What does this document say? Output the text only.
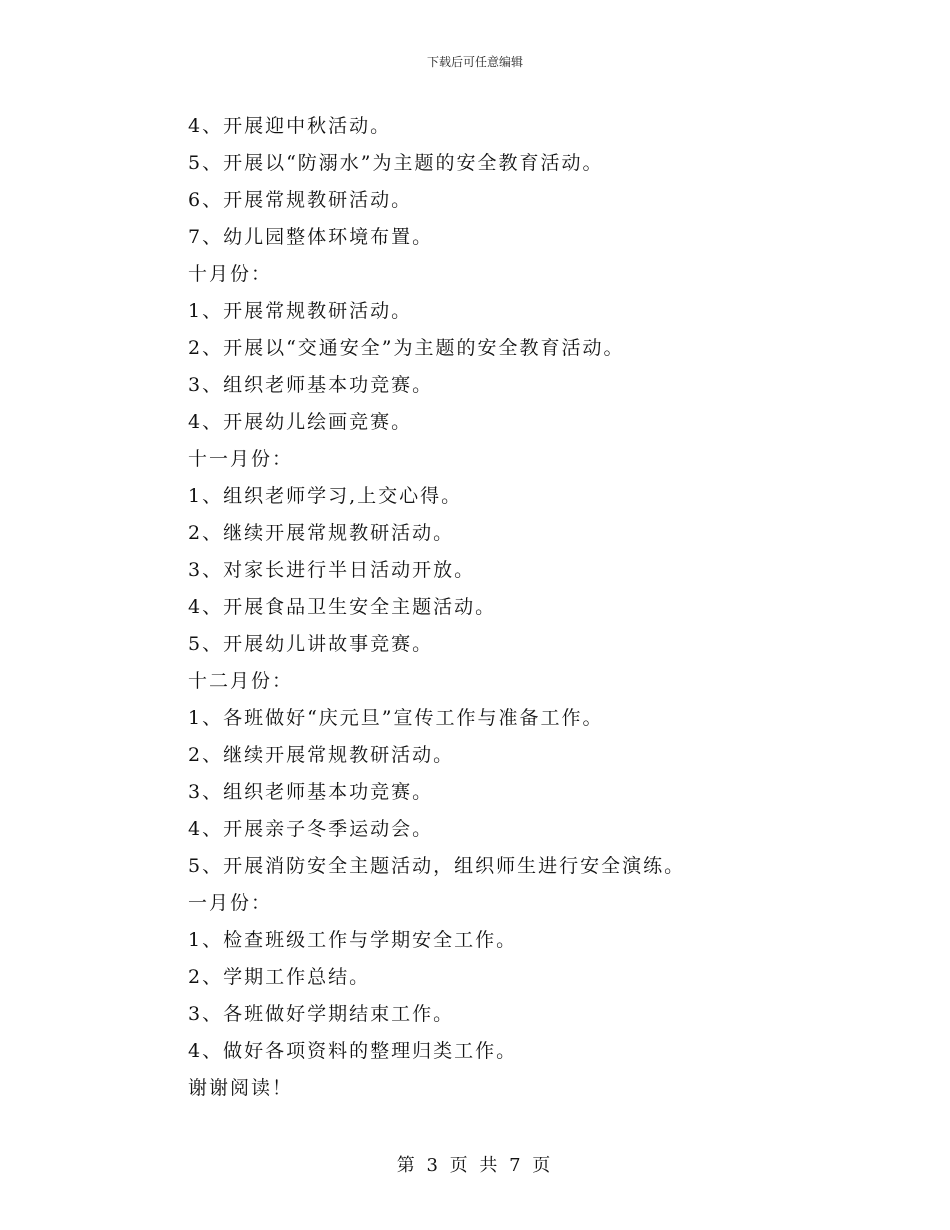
下载后可任意编辑
4、开展迎中秋活动。
5、开展以“防溺水”为主题的安全教育活动。
6、开展常规教研活动。
7、幼儿园整体环境布置。
十月份：
1、开展常规教研活动。
2、开展以“交通安全”为主题的安全教育活动。
3、组织老师基本功竞赛。
4、开展幼儿绘画竞赛。
十一月份：
1、组织老师学习,上交心得。
2、继续开展常规教研活动。
3、对家长进行半日活动开放。
4、开展食品卫生安全主题活动。
5、开展幼儿讲故事竞赛。
十二月份：
1、各班做好“庆元旦”宣传工作与准备工作。
2、继续开展常规教研活动。
3、组织老师基本功竞赛。
4、开展亲子冬季运动会。
5、开展消防安全主题活动，组织师生进行安全演练。
一月份：
1、检查班级工作与学期安全工作。
2、学期工作总结。
3、各班做好学期结束工作。
4、做好各项资料的整理归类工作。
谢谢阅读！
第 3 页 共 7 页
